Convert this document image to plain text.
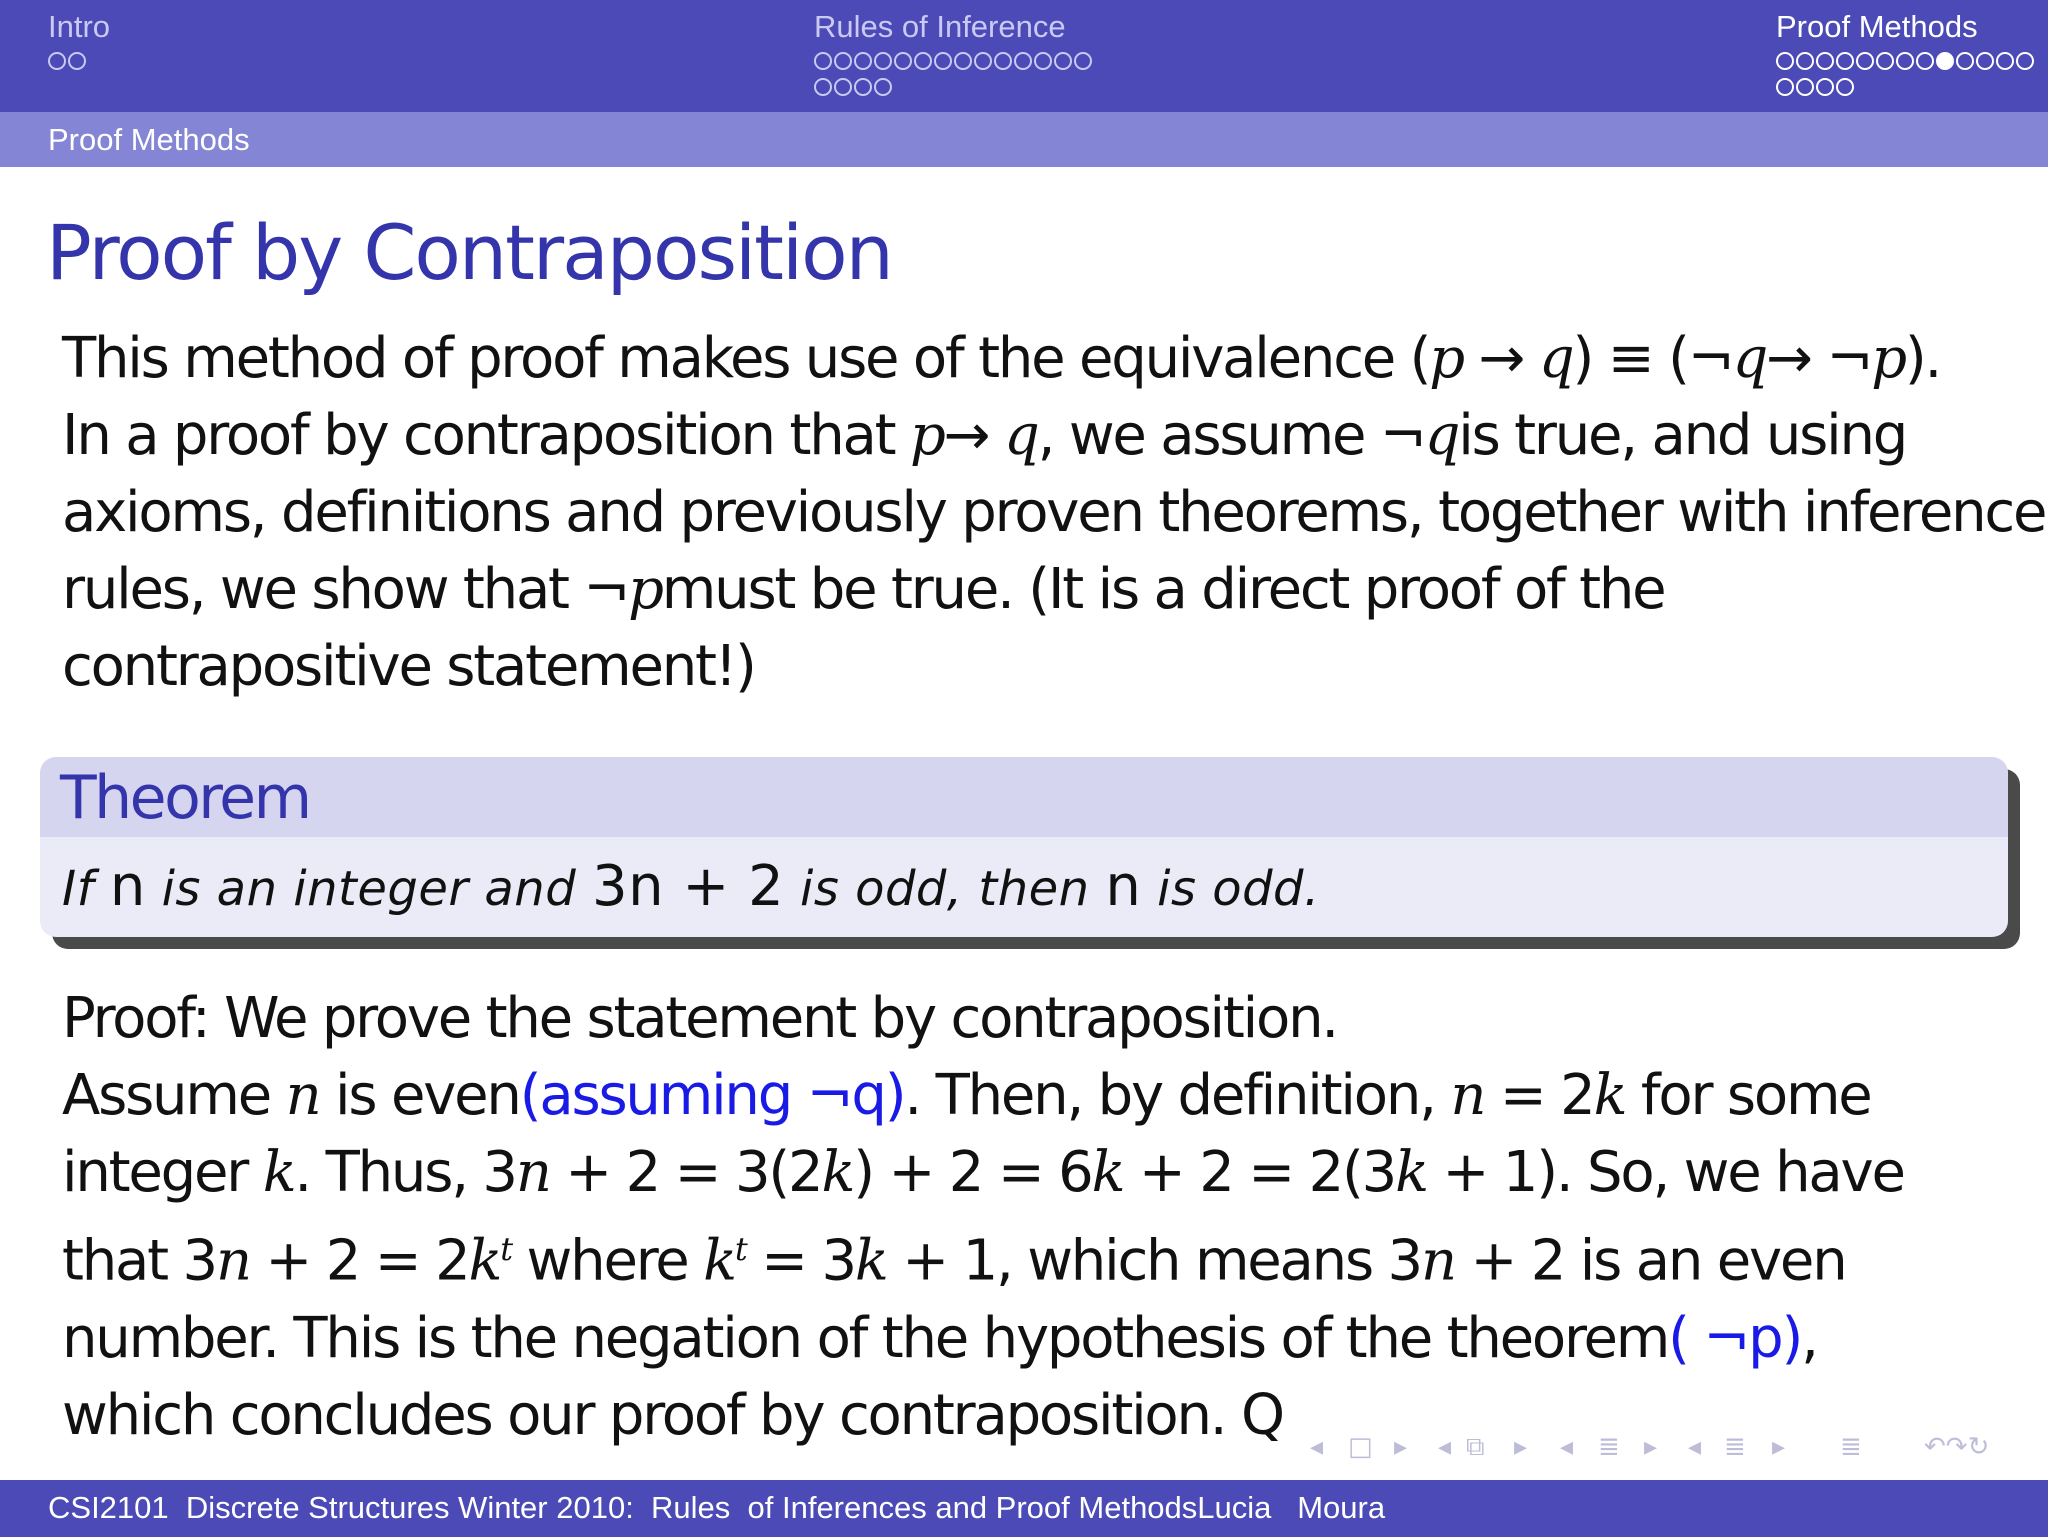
Intro	Rules of Inference	Proof Methods
Proof Methods
Proof by Contraposition
This method of proof makes use of the equivalence (p → q) ≡ (¬q→ ¬p).
In a proof by contraposition that p→ q, we assume ¬qis true, and using
axioms, definitions and previously proven theorems, together with inference
rules, we show that ¬pmust be true. (It is a direct proof of the
contrapositive statement!)
Theorem
If n is an integer and 3n + 2 is odd, then n is odd.
Proof: We prove the statement by contraposition.
Assume n is even(assuming ¬q). Then, by definition, n = 2k for some
integer k. Thus, 3n + 2 = 3(2k) + 2 = 6k + 2 = 2(3k + 1). So, we have
that $3n + 2 = 2k^t$ where $k^t = 3k + 1$, which means 3n + 2 is an even
number. This is the negation of the hypothesis of the theorem( ¬p),
which concludes our proof by contraposition. Q	◂ □ ▸ ◂ ⧉ ▸ ◂ ≣ ▸ ◂ ≣ ▸ ≣ ↶↷↻
CSI2101  Discrete Structures Winter 2010:  Rules  of Inferences and Proof MethodsLucia   Moura
